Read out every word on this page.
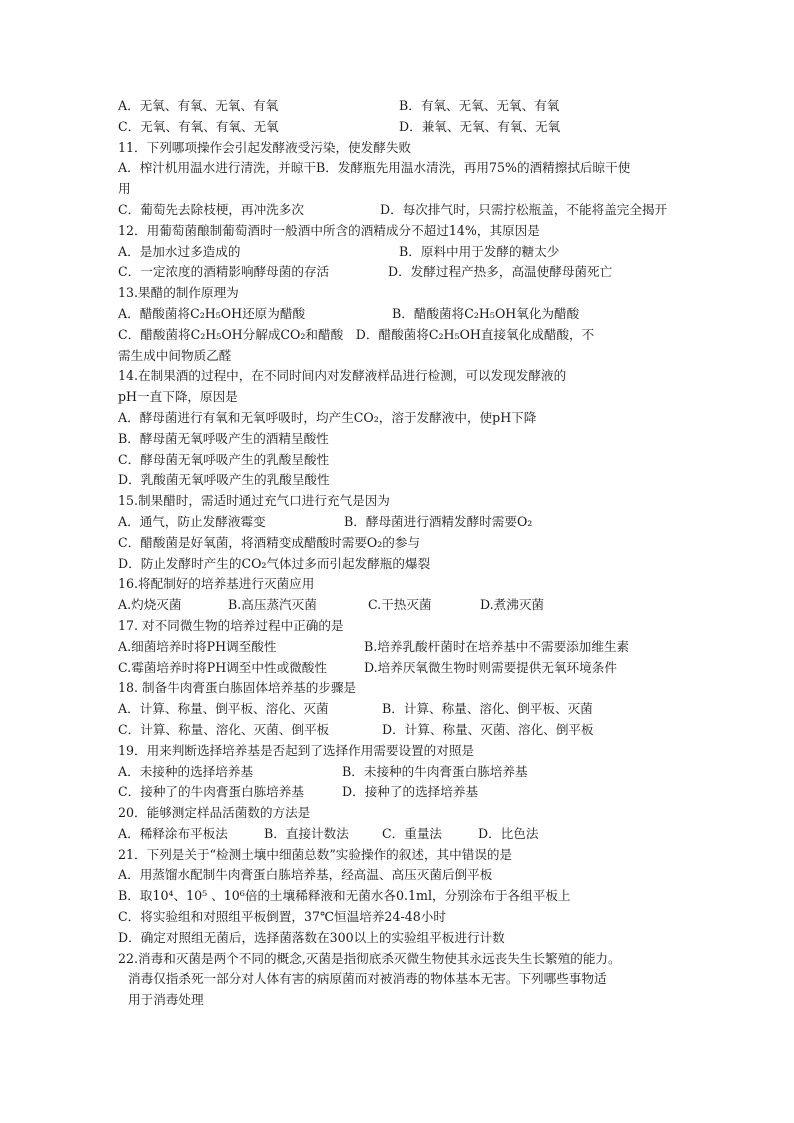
A．无氧、有氧、无氧、有氧	B．有氧、无氧、无氧、有氧
C．无氧、有氧、有氧、无氧	D．兼氧、无氧、有氧、无氧
11．下列哪项操作会引起发酵液受污染，使发酵失败
A．榨汁机用温水进行清洗，并晾干B．发酵瓶先用温水清洗，再用75%的酒精擦拭后晾干使
用
C．葡萄先去除枝梗，再冲洗多次	D．每次排气时，只需拧松瓶盖，不能将盖完全揭开
12．用葡萄菌酿制葡萄酒时一般酒中所含的酒精成分不超过14%，其原因是
A．是加水过多造成的	B．原料中用于发酵的糖太少
C．一定浓度的酒精影响酵母菌的存活	D．发酵过程产热多，高温使酵母菌死亡
13.果醋的制作原理为
A．醋酸菌将C₂H₅OH还原为醋酸	B．醋酸菌将C₂H₅OH氧化为醋酸
C．醋酸菌将C₂H₅OH分解成CO₂和醋酸　D．醋酸菌将C₂H₅OH直接氧化成醋酸，不
需生成中间物质乙醛
14.在制果酒的过程中，在不同时间内对发酵液样品进行检测，可以发现发酵液的
pH一直下降，原因是
A．酵母菌进行有氧和无氧呼吸时，均产生CO₂，溶于发酵液中，使pH下降
B．酵母菌无氧呼吸产生的酒精呈酸性
C．酵母菌无氧呼吸产生的乳酸呈酸性
D．乳酸菌无氧呼吸产生的乳酸呈酸性
15.制果醋时，需适时通过充气口进行充气是因为
A．通气，防止发酵液霉变	B．酵母菌进行酒精发酵时需要O₂
C．醋酸菌是好氧菌，将酒精变成醋酸时需要O₂的参与
D．防止发酵时产生的CO₂气体过多而引起发酵瓶的爆裂
16.将配制好的培养基进行灭菌应用
A.灼烧灭菌	B.高压蒸汽灭菌	C.干热灭菌	D.煮沸灭菌
17. 对不同微生物的培养过程中正确的是
A.细菌培养时将PH调至酸性	B.培养乳酸杆菌时在培养基中不需要添加维生素
C.霉菌培养时将PH调至中性或微酸性	D.培养厌氧微生物时则需要提供无氧环境条件
18. 制备牛肉膏蛋白胨固体培养基的步骤是
A．计算、称量、倒平板、溶化、灭菌	B．计算、称量、溶化、倒平板、灭菌
C．计算、称量、溶化、灭菌、倒平板	D．计算、称量、灭菌、溶化、倒平板
19．用来判断选择培养基是否起到了选择作用需要设置的对照是
A．未接种的选择培养基	B．未接种的牛肉膏蛋白胨培养基
C．接种了的牛肉膏蛋白胨培养基	D．接种了的选择培养基
20．能够测定样品活菌数的方法是
A．稀释涂布平板法	B．直接计数法	C．重量法	D．比色法
21．下列是关于“检测土壤中细菌总数”实验操作的叙述，其中错误的是
A．用蒸馏水配制牛肉膏蛋白胨培养基，经高温、高压灭菌后倒平板
B．取10⁴、10⁵ 、10⁶倍的土壤稀释液和无菌水各0.1ml，分别涂布于各组平板上
C．将实验组和对照组平板倒置，37℃恒温培养24-48小时
D．确定对照组无菌后，选择菌落数在300以上的实验组平板进行计数
22.消毒和灭菌是两个不同的概念,灭菌是指彻底杀灭微生物使其永远丧失生长繁殖的能力。
消毒仅指杀死一部分对人体有害的病原菌而对被消毒的物体基本无害。下列哪些事物适
用于消毒处理
